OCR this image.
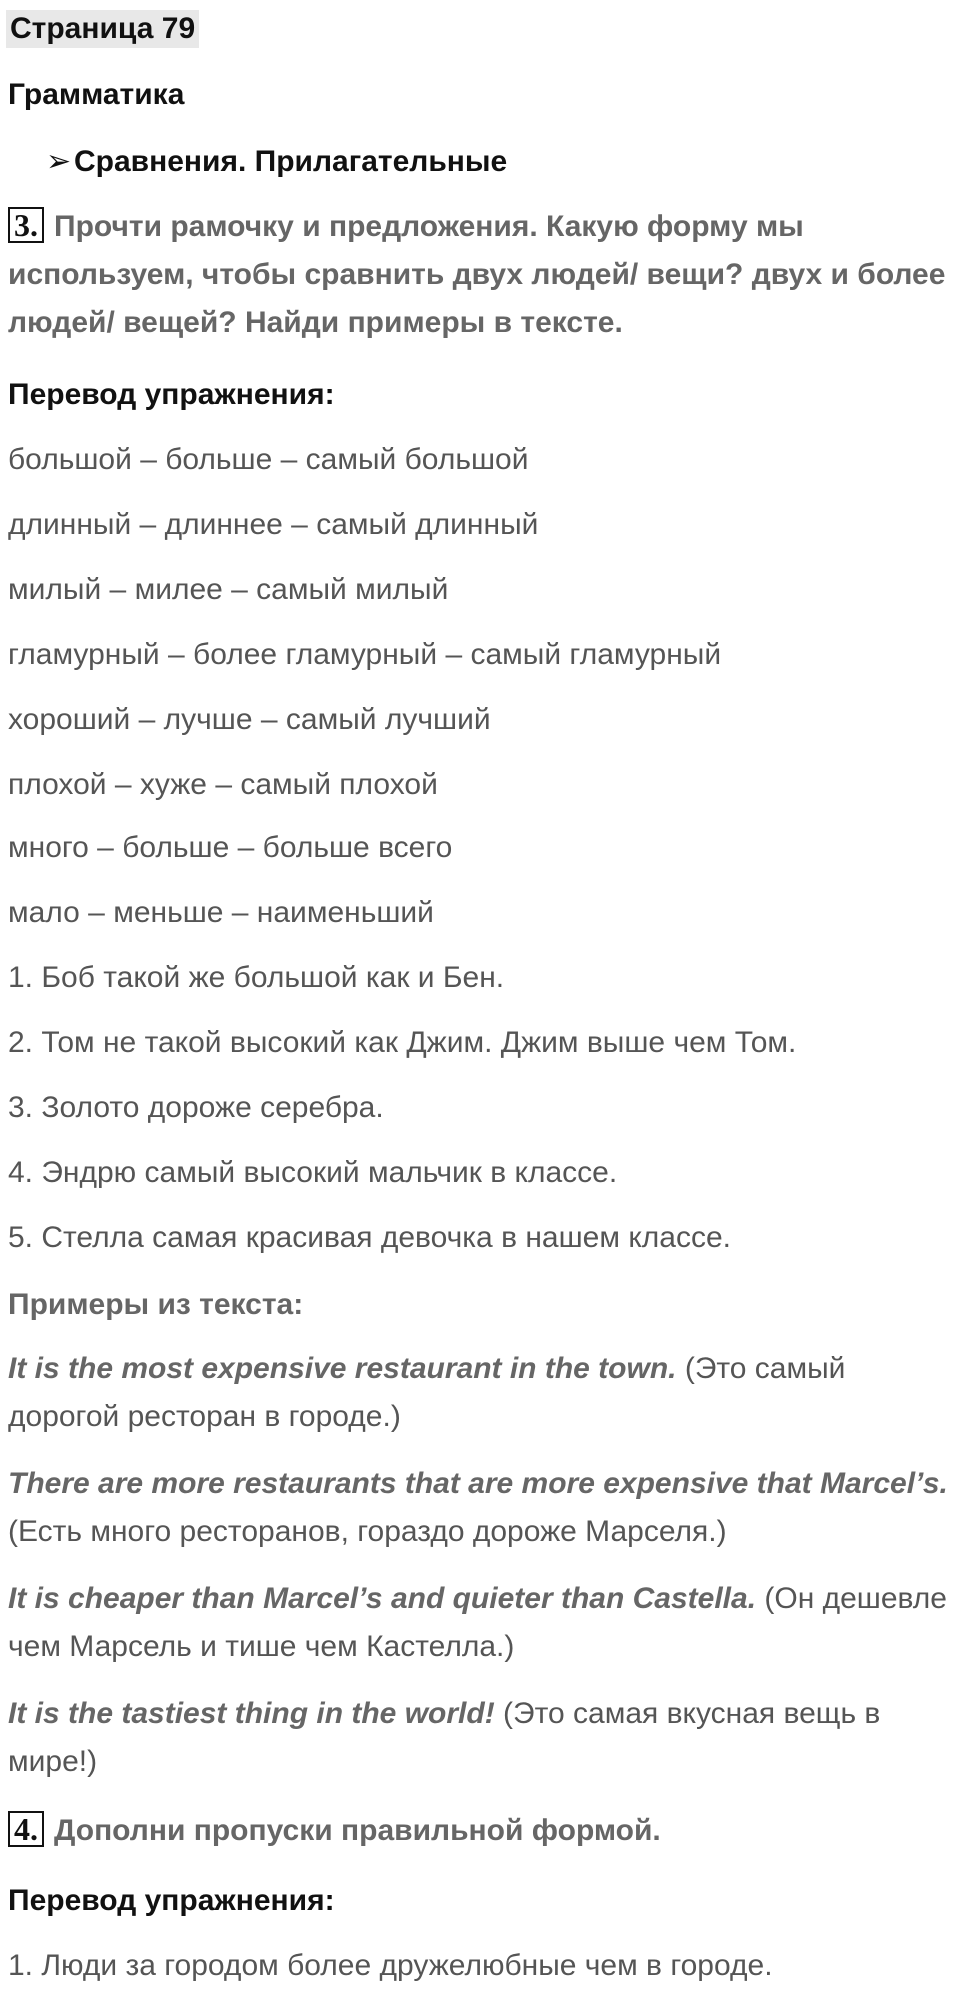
Страница 79
Грамматика
➢Сравнения. Прилагательные
3. Прочти рамочку и предложения. Какую форму мы используем, чтобы сравнить двух людей/ вещи? двух и более людей/ вещей? Найди примеры в тексте.
Перевод упражнения:
большой – больше – самый большой
длинный – длиннее – самый длинный
милый – милее – самый милый
гламурный – более гламурный – самый гламурный
хороший – лучше – самый лучший
плохой – хуже – самый плохой
много – больше – больше всего
мало – меньше – наименьший
1. Боб такой же большой как и Бен.
2. Том не такой высокий как Джим. Джим выше чем Том.
3. Золото дороже серебра.
4. Эндрю самый высокий мальчик в классе.
5. Стелла самая красивая девочка в нашем классе.
Примеры из текста:
It is the most expensive restaurant in the town. (Это самый дорогой ресторан в городе.)
There are more restaurants that are more expensive that Marcel’s. (Есть много ресторанов, гораздо дороже Марселя.)
It is cheaper than Marcel’s and quieter than Castella. (Он дешевле чем Марсель и тише чем Кастелла.)
It is the tastiest thing in the world! (Это самая вкусная вещь в мире!)
4. Дополни пропуски правильной формой.
Перевод упражнения:
1. Люди за городом более дружелюбные чем в городе.
